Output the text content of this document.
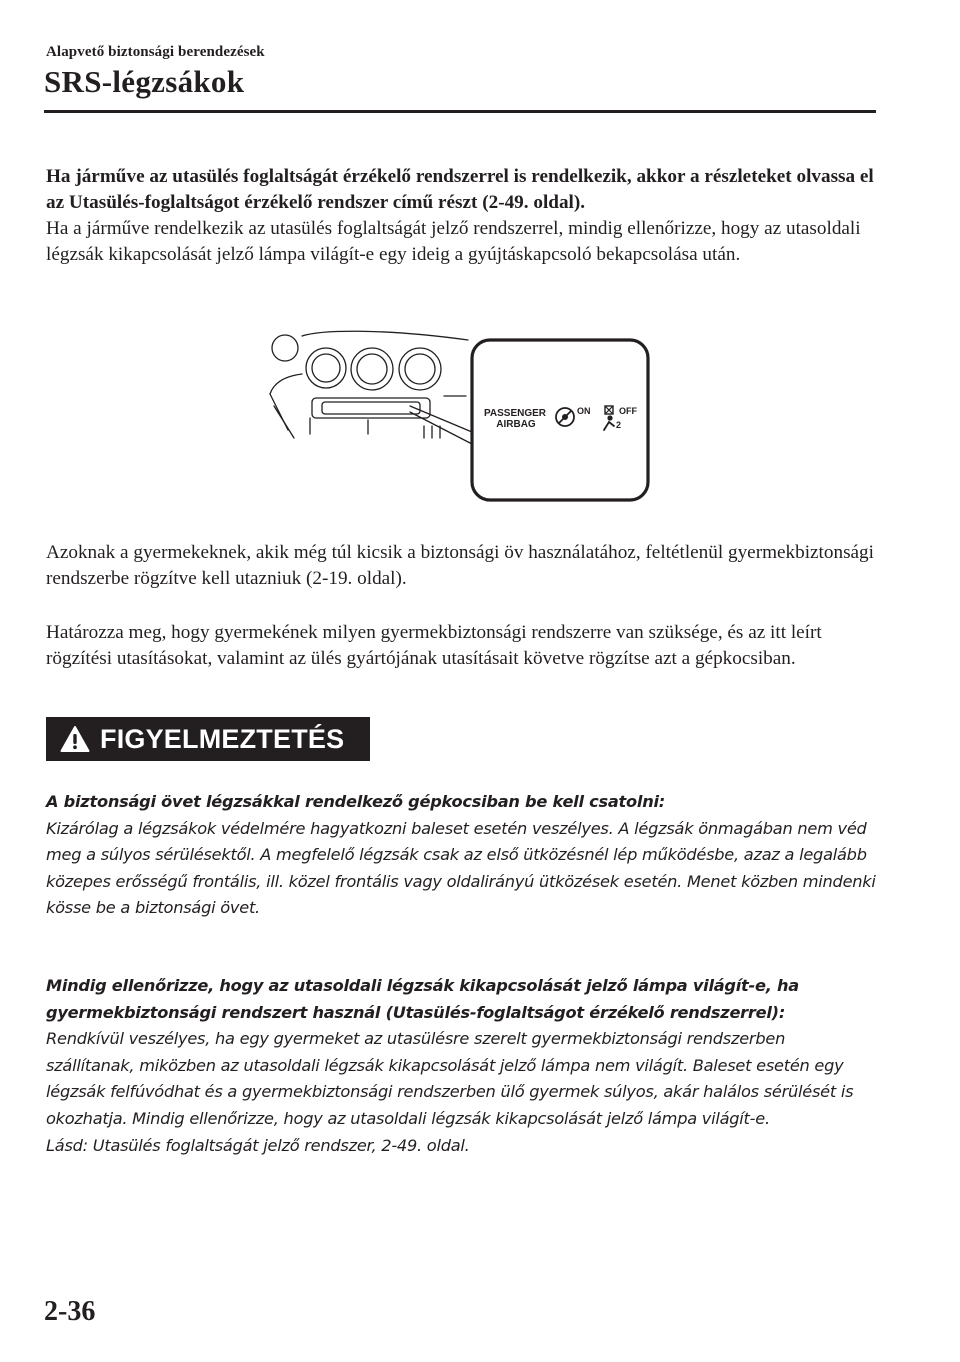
Alapvető biztonsági berendezések
SRS-légzsákok

Ha járműve az utasülés foglaltságát érzékelő rendszerrel is rendelkezik, akkor a részleteket olvassa el az Utasülés-foglaltságot érzékelő rendszer című részt (2-49. oldal).
Ha a járműve rendelkezik az utasülés foglaltságát jelző rendszerrel, mindig ellenőrizze, hogy az utasoldali légzsák kikapcsolását jelző lámpa világít-e egy ideig a gyújtáskapcsoló bekapcsolása után.

PASSENGER
AIRBAG
ON	OFF
2

Azoknak a gyermekeknek, akik még túl kicsik a biztonsági öv használatához, feltétlenül gyermekbiztonsági rendszerbe rögzítve kell utazniuk (2-19. oldal).

Határozza meg, hogy gyermekének milyen gyermekbiztonsági rendszerre van szüksége, és az itt leírt rögzítési utasításokat, valamint az ülés gyártójának utasításait követve rögzítse azt a gépkocsiban.

FIGYELMEZTETÉS

A biztonsági övet légzsákkal rendelkező gépkocsiban be kell csatolni:
Kizárólag a légzsákok védelmére hagyatkozni baleset esetén veszélyes. A légzsák önmagában nem véd meg a súlyos sérülésektől. A megfelelő légzsák csak az első ütközésnél lép működésbe, azaz a legalább közepes erősségű frontális, ill. közel frontális vagy oldalirányú ütközések esetén. Menet közben mindenki kösse be a biztonsági övet.

Mindig ellenőrizze, hogy az utasoldali légzsák kikapcsolását jelző lámpa világít-e, ha gyermekbiztonsági rendszert használ (Utasülés-foglaltságot érzékelő rendszerrel):
Rendkívül veszélyes, ha egy gyermeket az utasülésre szerelt gyermekbiztonsági rendszerben szállítanak, miközben az utasoldali légzsák kikapcsolását jelző lámpa nem világít. Baleset esetén egy légzsák felfúvódhat és a gyermekbiztonsági rendszerben ülő gyermek súlyos, akár halálos sérülését is okozhatja. Mindig ellenőrizze, hogy az utasoldali légzsák kikapcsolását jelző lámpa világít-e.
Lásd: Utasülés foglaltságát jelző rendszer, 2-49. oldal.

2-36
